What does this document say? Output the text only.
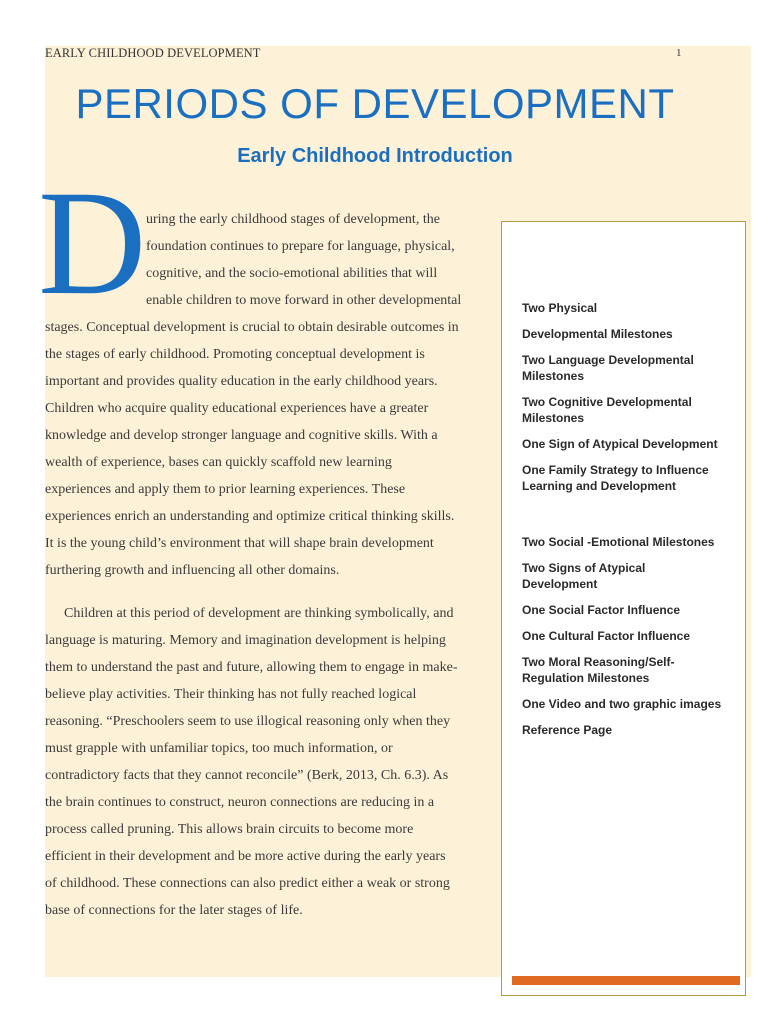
EARLY CHILDHOOD DEVELOPMENT	1
PERIODS OF DEVELOPMENT
Early Childhood Introduction
D uring the early childhood stages of development, the
foundation continues to prepare for language, physical,
cognitive, and the socio-emotional abilities that will
enable children to move forward in other developmental
stages. Conceptual development is crucial to obtain desirable outcomes in
the stages of early childhood. Promoting conceptual development is
important and provides quality education in the early childhood years.
Children who acquire quality educational experiences have a greater
knowledge and develop stronger language and cognitive skills. With a
wealth of experience, bases can quickly scaffold new learning
experiences and apply them to prior learning experiences. These
experiences enrich an understanding and optimize critical thinking skills.
It is the young child’s environment that will shape brain development
furthering growth and influencing all other domains.
Children at this period of development are thinking symbolically, and
language is maturing. Memory and imagination development is helping
them to understand the past and future, allowing them to engage in make-
believe play activities. Their thinking has not fully reached logical
reasoning. “Preschoolers seem to use illogical reasoning only when they
must grapple with unfamiliar topics, too much information, or
contradictory facts that they cannot reconcile” (Berk, 2013, Ch. 6.3). As
the brain continues to construct, neuron connections are reducing in a
process called pruning. This allows brain circuits to become more
efficient in their development and be more active during the early years
of childhood. These connections can also predict either a weak or strong
base of connections for the later stages of life.
Two Physical
Developmental Milestones
Two Language Developmental Milestones
Two Cognitive Developmental Milestones
One Sign of Atypical Development
One Family Strategy to Influence Learning and Development
Two Social -Emotional Milestones
Two Signs of Atypical Development
One Social Factor Influence
One Cultural Factor Influence
Two Moral Reasoning/Self-Regulation Milestones
One Video and two graphic images
Reference Page
